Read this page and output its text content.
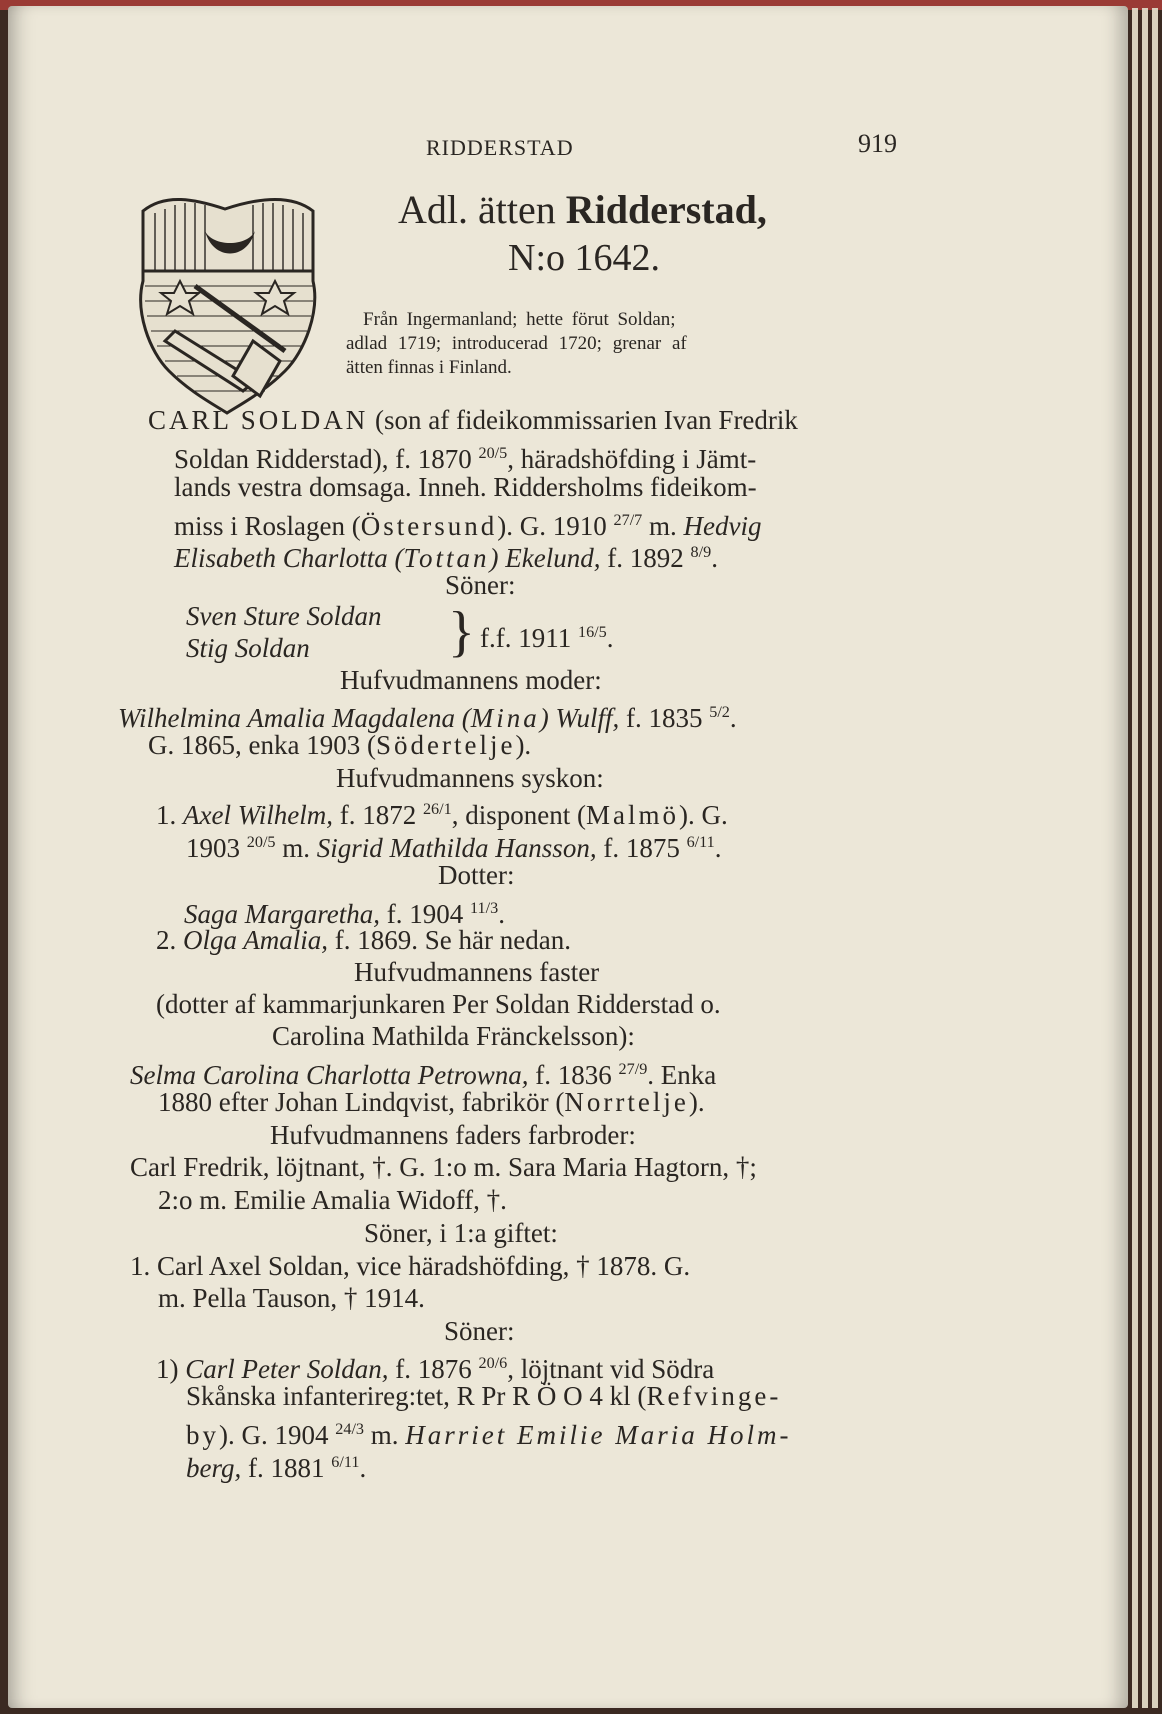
RIDDERSTAD	919
Adl. ätten Ridderstad,
N:o 1642.
Från Ingermanland; hette förut Soldan;
adlad 1719; introducerad 1720; grenar af
ätten finnas i Finland.
CARL SOLDAN (son af fideikommissarien Ivan Fredrik
Soldan Ridderstad), f. 1870 $^{20/5}$, häradshöfding i Jämt-
lands vestra domsaga. Inneh. Riddersholms fideikom-
miss i Roslagen (Östersund). G. 1910 $^{27/7}$ m. Hedvig
Elisabeth Charlotta (Tottan) Ekelund, f. 1892 $^{8/9}$.
Söner:
Sven Sture Soldan
Stig Soldan } f.f. 1911 $^{16/5}$.
Hufvudmannens moder:
Wilhelmina Amalia Magdalena (Mina) Wulff, f. 1835 $^{5/2}$.
G. 1865, enka 1903 (Södertelje).
Hufvudmannens syskon:
1. Axel Wilhelm, f. 1872 $^{26/1}$, disponent (Malmö). G.
1903 $^{20/5}$ m. Sigrid Mathilda Hansson, f. 1875 $^{6/11}$.
Dotter:
Saga Margaretha, f. 1904 $^{11/3}$.
2. Olga Amalia, f. 1869. Se här nedan.
Hufvudmannens faster
(dotter af kammarjunkaren Per Soldan Ridderstad o.
Carolina Mathilda Fränckelsson):
Selma Carolina Charlotta Petrowna, f. 1836 $^{27/9}$. Enka
1880 efter Johan Lindqvist, fabrikör (Norrtelje).
Hufvudmannens faders farbroder:
Carl Fredrik, löjtnant, †. G. 1:o m. Sara Maria Hagtorn, †;
2:o m. Emilie Amalia Widoff, †.
Söner, i 1:a giftet:
1. Carl Axel Soldan, vice häradshöfding, † 1878. G.
m. Pella Tauson, † 1914.
Söner:
1) Carl Peter Soldan, f. 1876 $^{20/6}$, löjtnant vid Södra
Skånska infanterireg:tet, R Pr R Ö O 4 kl (Refvinge-
by). G. 1904 $^{24/3}$ m. Harriet Emilie Maria Holm-
berg, f. 1881 $^{6/11}$.
